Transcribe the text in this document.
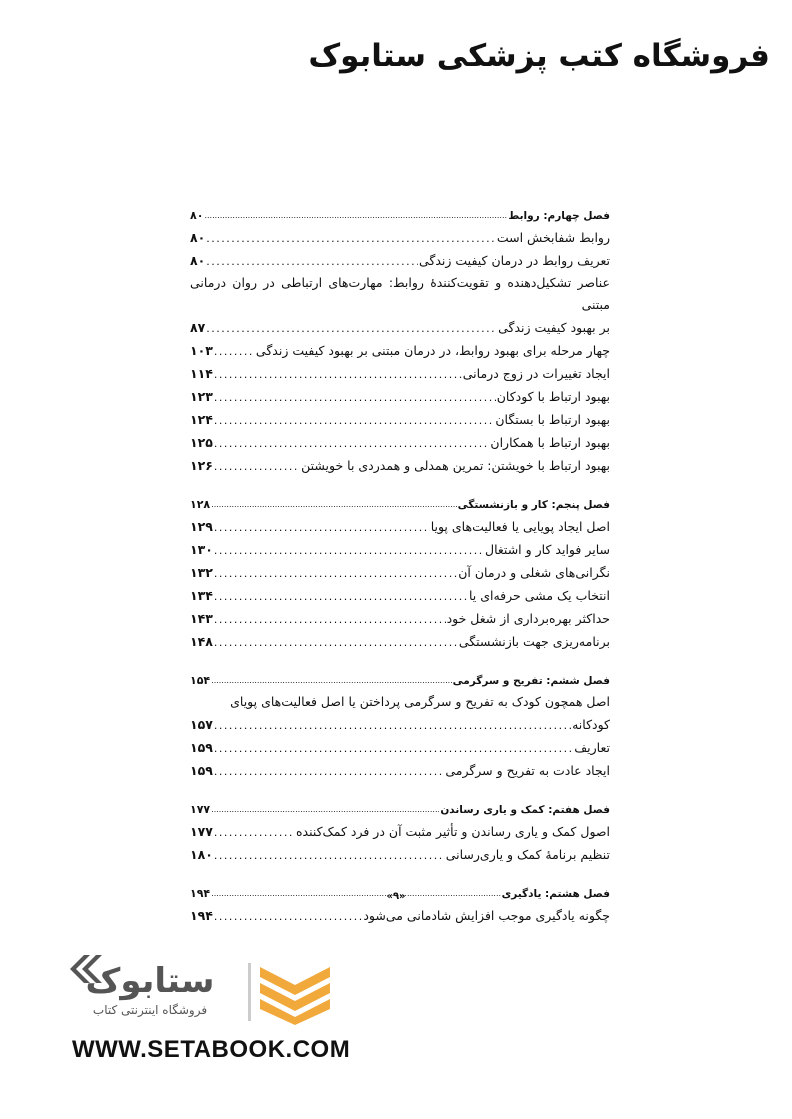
فروشگاه کتب پزشکی ستابوک
فصل چهارم: روابط
.....
۸۰
روابط شفابخش است
.....
۸۰
تعریف روابط در درمان کیفیت زندگی
.....
۸۰
عناصر تشکیل‌دهنده و تقویت‌کنندهٔ روابط: مهارت‌های ارتباطی در روان درمانی مبتنی
بر بهبود کیفیت زندگی
.....
۸۷
چهار مرحله برای بهبود روابط، در درمان مبتنی بر بهبود کیفیت زندگی
.....
۱۰۳
ایجاد تغییرات در زوج درمانی
.....
۱۱۴
بهبود ارتباط با کودکان
.....
۱۲۳
بهبود ارتباط با بستگان
.....
۱۲۴
بهبود ارتباط با همکاران
.....
۱۲۵
بهبود ارتباط با خویشتن: تمرین همدلی و همدردی با خویشتن
.....
۱۲۶
فصل پنجم: کار و بازنشستگی
.....
۱۲۸
اصل ایجاد پویایی یا فعالیت‌های پویا
.....
۱۲۹
سایر فواید کار و اشتغال
.....
۱۳۰
نگرانی‌های شغلی و درمان آن
.....
۱۳۲
انتخاب یک مشی حرفه‌ای یا
.....
۱۳۴
حداکثر بهره‌برداری از شغل خود
.....
۱۴۳
برنامه‌ریزی جهت بازنشستگی
.....
۱۴۸
فصل ششم: تفریح و سرگرمی
.....
۱۵۴
اصل همچون کودک به تفریح و سرگرمی پرداختن یا اصل فعالیت‌های پویای
کودکانه
.....
۱۵۷
تعاریف
.....
۱۵۹
ایجاد عادت به تفریح و سرگرمی
.....
۱۵۹
فصل هفتم: کمک و یاری رساندن
.....
۱۷۷
اصول کمک و یاری رساندن و تأثیر مثبت آن در فرد کمک‌کننده
.....
۱۷۷
تنظیم برنامهٔ کمک و یاری‌رسانی
.....
۱۸۰
فصل هشتم: یادگیری
.....
۱۹۴
چگونه یادگیری موجب افزایش شادمانی می‌شود
.....
۱۹۴
«۹»
ستابوک
فروشگاه اینترنتی کتاب
WWW.SETABOOK.COM
